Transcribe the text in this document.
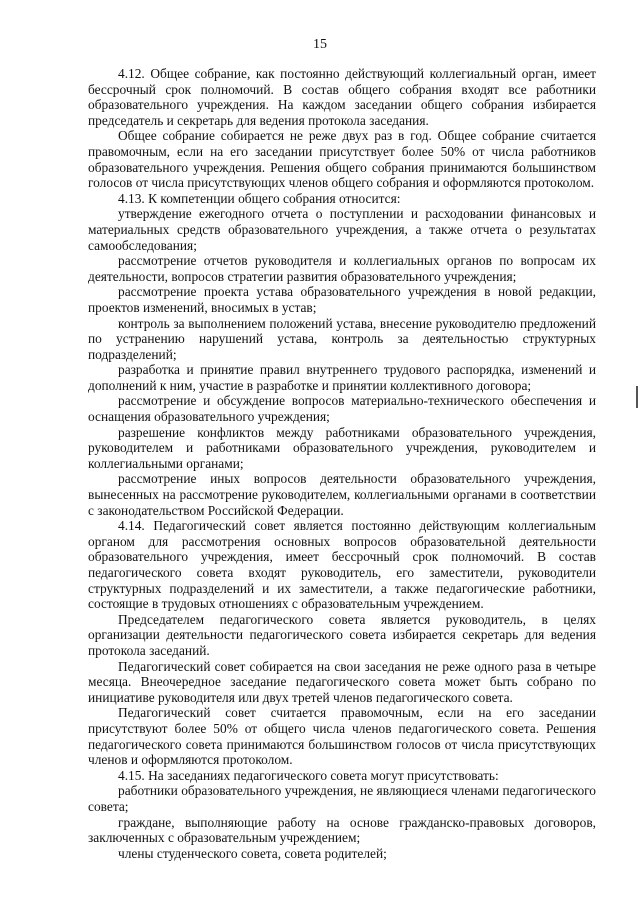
15

4.12. Общее собрание, как постоянно действующий коллегиальный орган, имеет бессрочный срок полномочий. В состав общего собрания входят все работники образовательного учреждения. На каждом заседании общего собрания избирается председатель и секретарь для ведения протокола заседания.

Общее собрание собирается не реже двух раз в год. Общее собрание считается правомочным, если на его заседании присутствует более 50% от числа работников образовательного учреждения. Решения общего собрания принимаются большинством голосов от числа присутствующих членов общего собрания и оформляются протоколом.

4.13. К компетенции общего собрания относится:

утверждение ежегодного отчета о поступлении и расходовании финансовых и материальных средств образовательного учреждения, а также отчета о результатах самообследования;

рассмотрение отчетов руководителя и коллегиальных органов по вопросам их деятельности, вопросов стратегии развития образовательного учреждения;

рассмотрение проекта устава образовательного учреждения в новой редакции, проектов изменений, вносимых в устав;

контроль за выполнением положений устава, внесение руководителю предложений по устранению нарушений устава, контроль за деятельностью структурных подразделений;

разработка и принятие правил внутреннего трудового распорядка, изменений и дополнений к ним, участие в разработке и принятии коллективного договора;

рассмотрение и обсуждение вопросов материально-технического обеспечения и оснащения образовательного учреждения;

разрешение конфликтов между работниками образовательного учреждения, руководителем и работниками образовательного учреждения, руководителем и коллегиальными органами;

рассмотрение иных вопросов деятельности образовательного учреждения, вынесенных на рассмотрение руководителем, коллегиальными органами в соответствии с законодательством Российской Федерации.

4.14. Педагогический совет является постоянно действующим коллегиальным органом для рассмотрения основных вопросов образовательной деятельности образовательного учреждения, имеет бессрочный срок полномочий. В состав педагогического совета входят руководитель, его заместители, руководители структурных подразделений и их заместители, а также педагогические работники, состоящие в трудовых отношениях с образовательным учреждением.

Председателем педагогического совета является руководитель, в целях организации деятельности педагогического совета избирается секретарь для ведения протокола заседаний.

Педагогический совет собирается на свои заседания не реже одного раза в четыре месяца. Внеочередное заседание педагогического совета может быть собрано по инициативе руководителя или двух третей членов педагогического совета.

Педагогический совет считается правомочным, если на его заседании присутствуют более 50% от общего числа членов педагогического совета. Решения педагогического совета принимаются большинством голосов от числа присутствующих членов и оформляются протоколом.

4.15. На заседаниях педагогического совета могут присутствовать:

работники образовательного учреждения, не являющиеся членами педагогического совета;

граждане, выполняющие работу на основе гражданско-правовых договоров, заключенных с образовательным учреждением;

члены студенческого совета, совета родителей;
